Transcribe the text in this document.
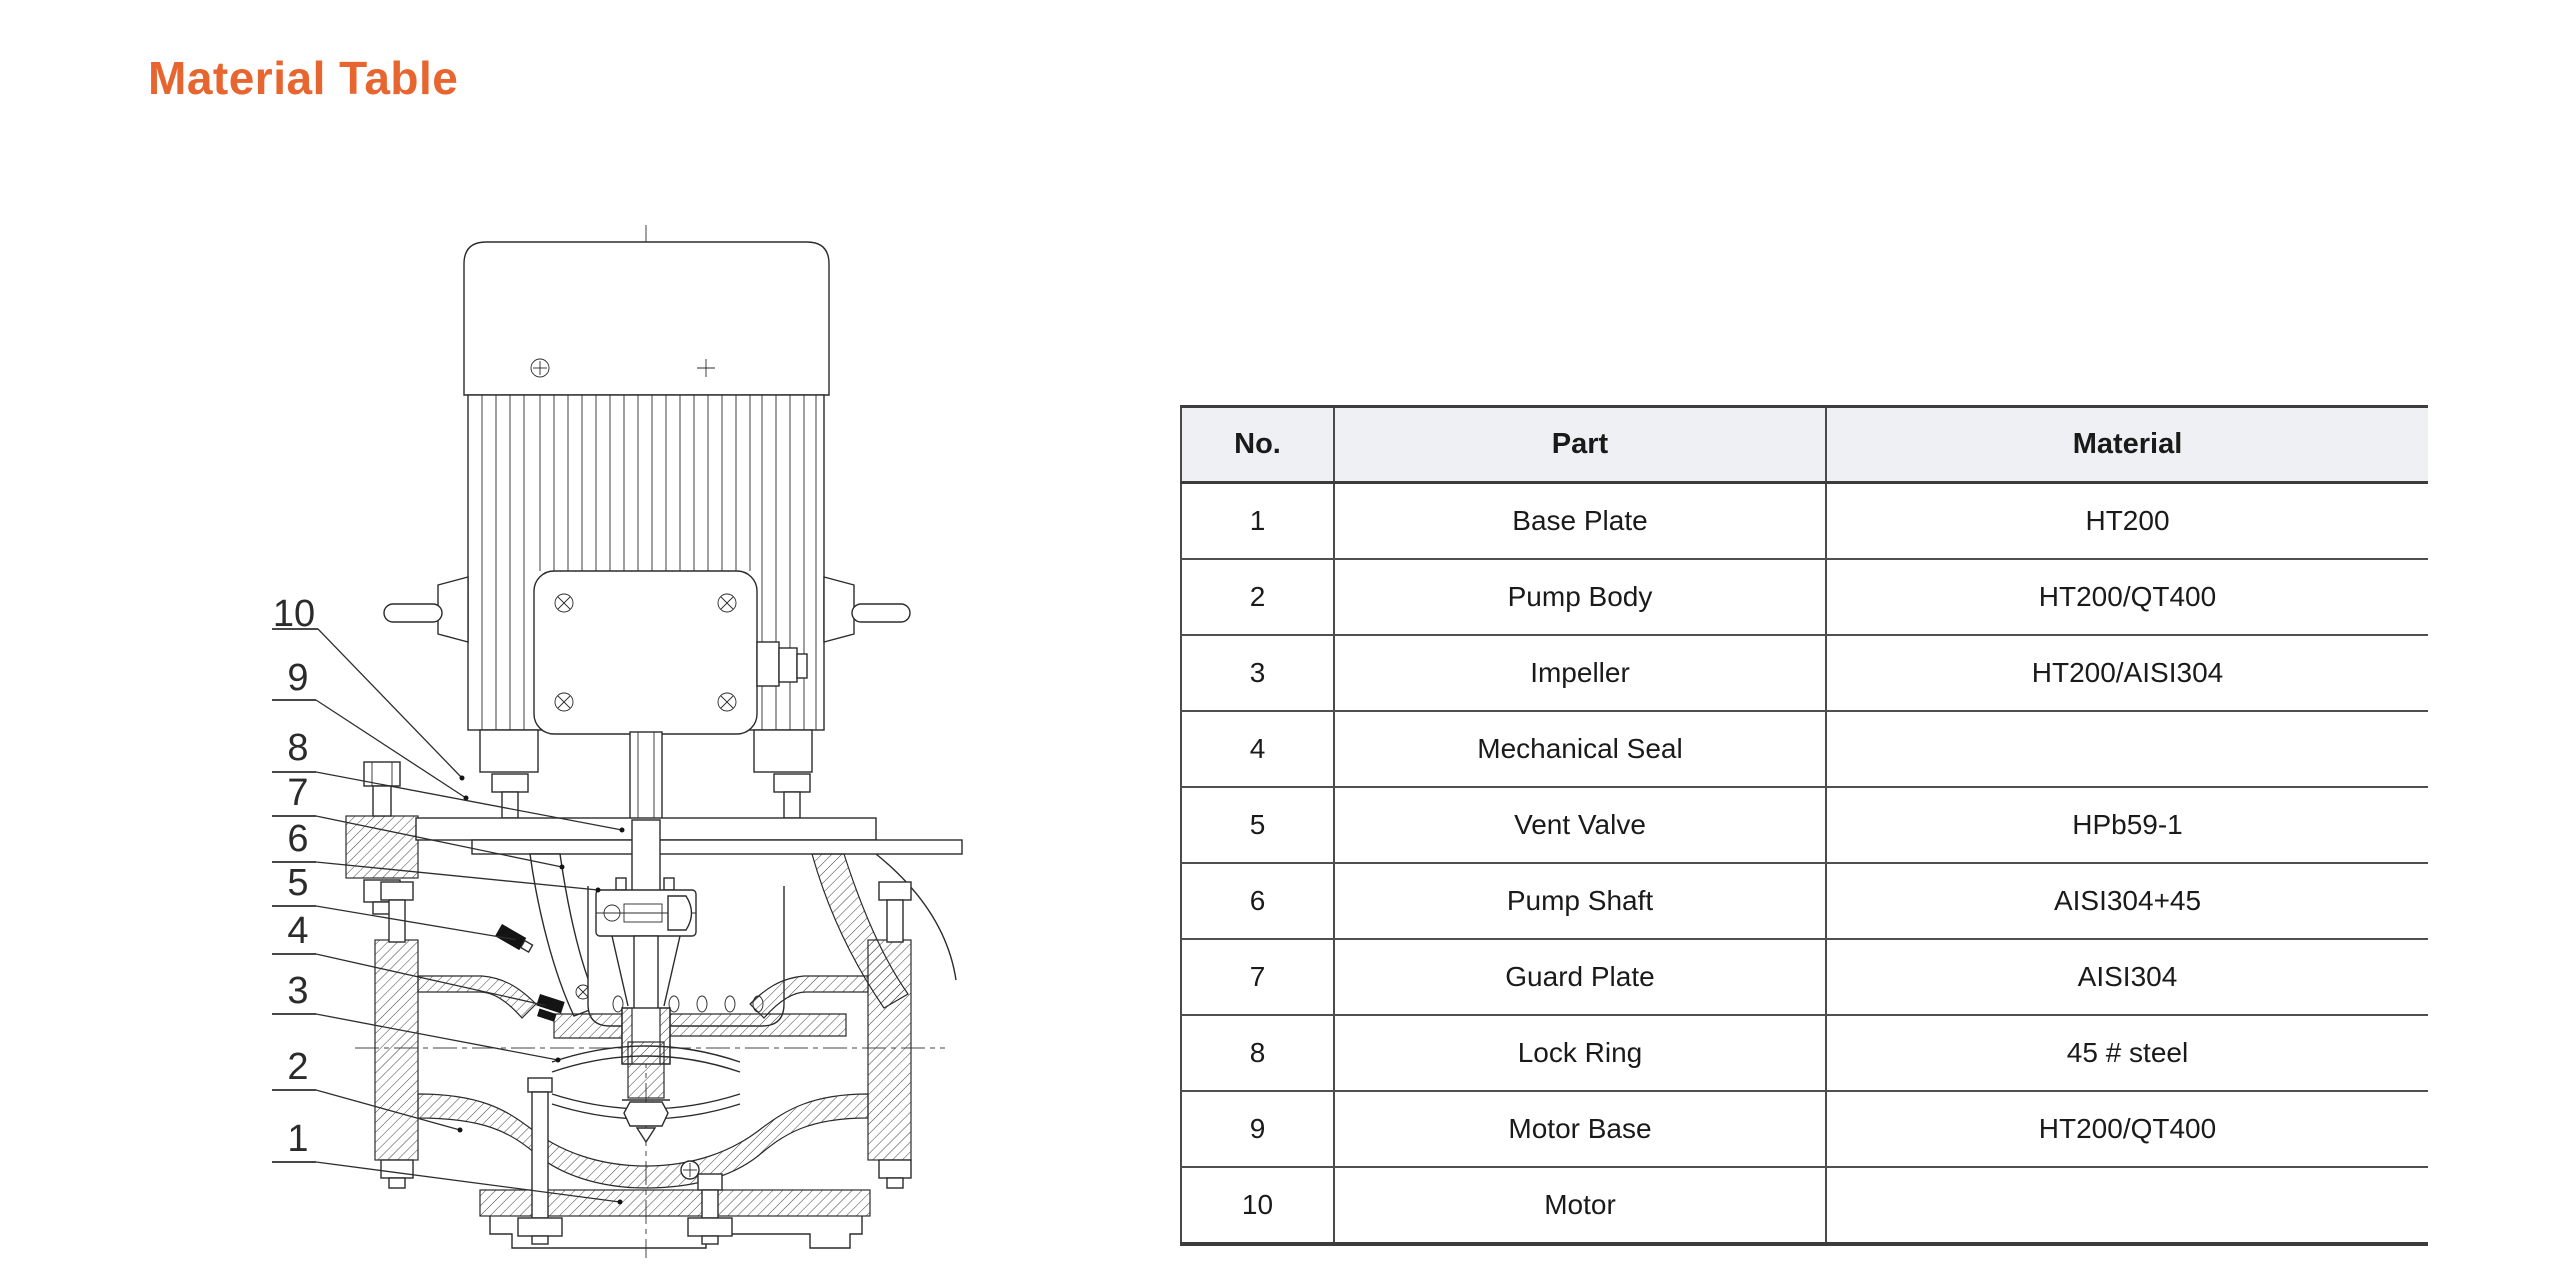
Material Table
10
9
8
7
6
5
4
3
2
1
No.	Part	Material
1	Base Plate	HT200
2	Pump Body	HT200/QT400
3	Impeller	HT200/AISI304
4	Mechanical Seal
5	Vent Valve	HPb59-1
6	Pump Shaft	AISI304+45
7	Guard Plate	AISI304
8	Lock Ring	45 # steel
9	Motor Base	HT200/QT400
10	Motor
